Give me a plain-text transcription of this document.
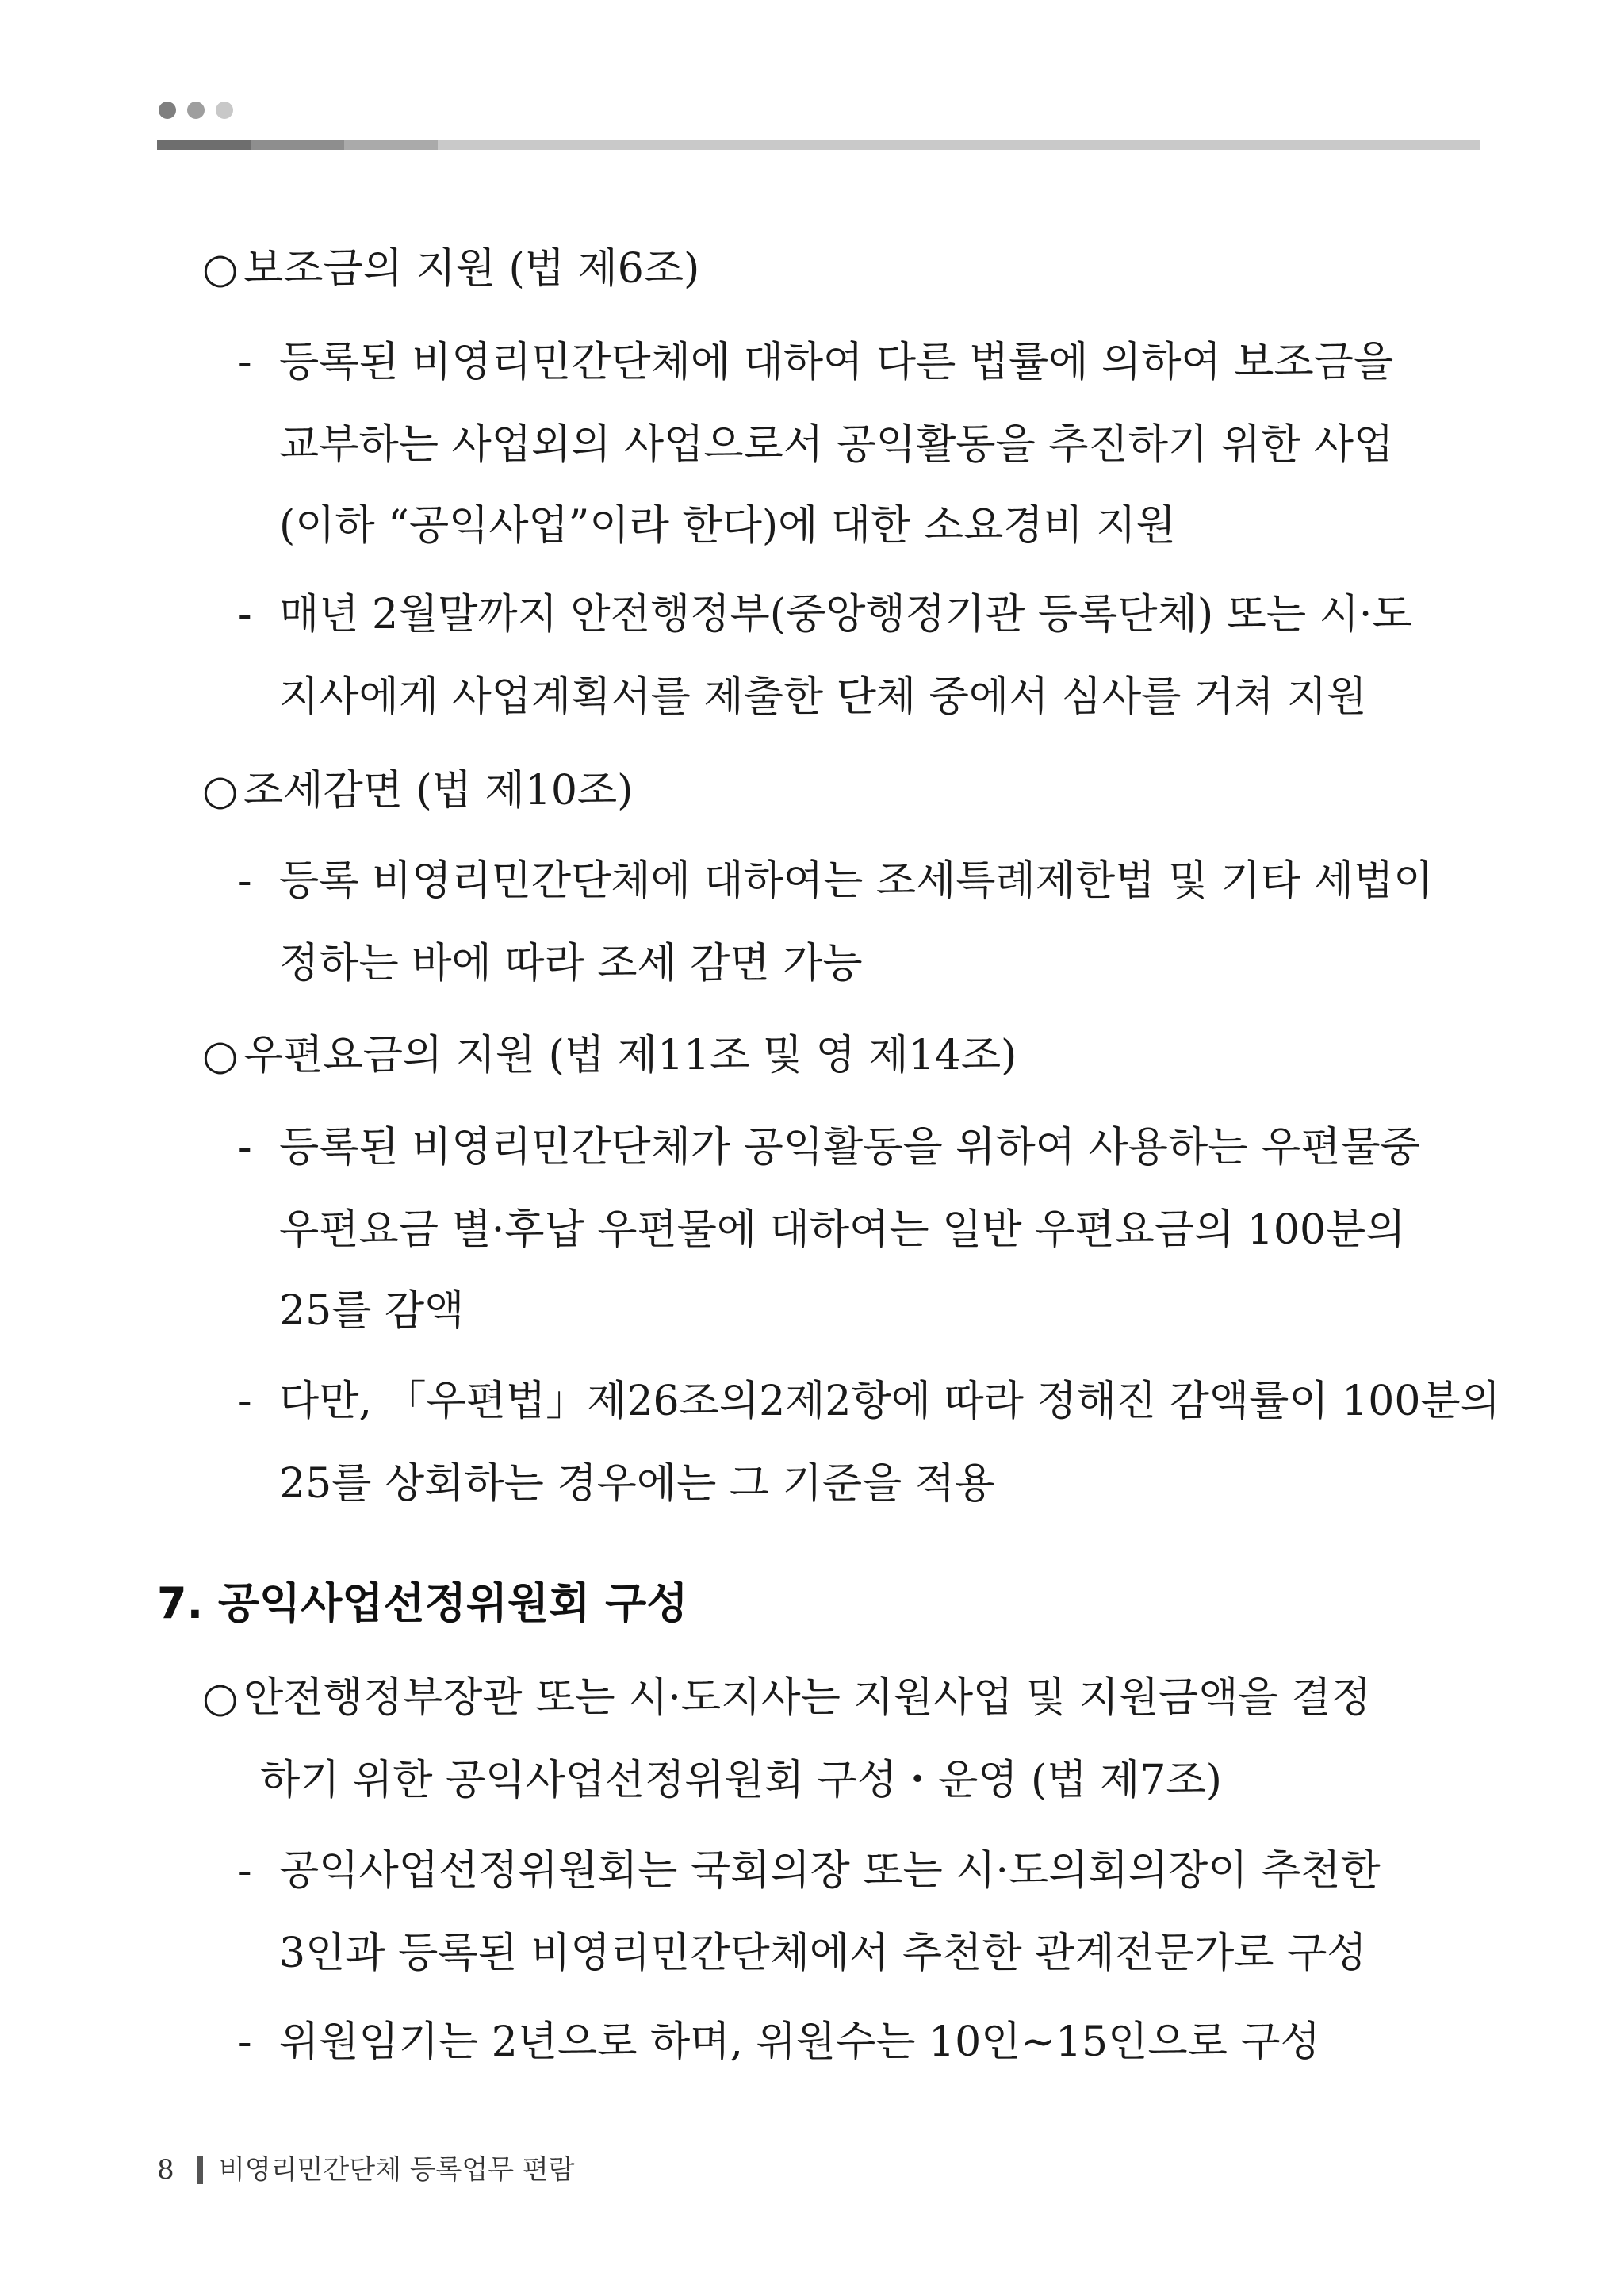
○ 보조금의 지원 (법 제6조)
- 등록된 비영리민간단체에 대하여 다른 법률에 의하여 보조금을
교부하는 사업외의 사업으로서 공익활동을 추진하기 위한 사업
(이하 “공익사업”이라 한다)에 대한 소요경비 지원
- 매년 2월말까지 안전행정부(중앙행정기관 등록단체) 또는 시·도
지사에게 사업계획서를 제출한 단체 중에서 심사를 거쳐 지원
○ 조세감면 (법 제10조)
- 등록 비영리민간단체에 대하여는 조세특례제한법 및 기타 세법이
정하는 바에 따라 조세 감면 가능
○ 우편요금의 지원 (법 제11조 및 영 제14조)
- 등록된 비영리민간단체가 공익활동을 위하여 사용하는 우편물중
우편요금 별·후납 우편물에 대하여는 일반 우편요금의 100분의
25를 감액
- 다만, 「우편법」제26조의2제2항에 따라 정해진 감액률이 100분의
25를 상회하는 경우에는 그 기준을 적용
7. 공익사업선정위원회 구성
○ 안전행정부장관 또는 시·도지사는 지원사업 및 지원금액을 결정
하기 위한 공익사업선정위원회 구성・운영 (법 제7조)
- 공익사업선정위원회는 국회의장 또는 시·도의회의장이 추천한
3인과 등록된 비영리민간단체에서 추천한 관계전문가로 구성
- 위원임기는 2년으로 하며, 위원수는 10인~15인으로 구성
8 비영리민간단체 등록업무 편람
